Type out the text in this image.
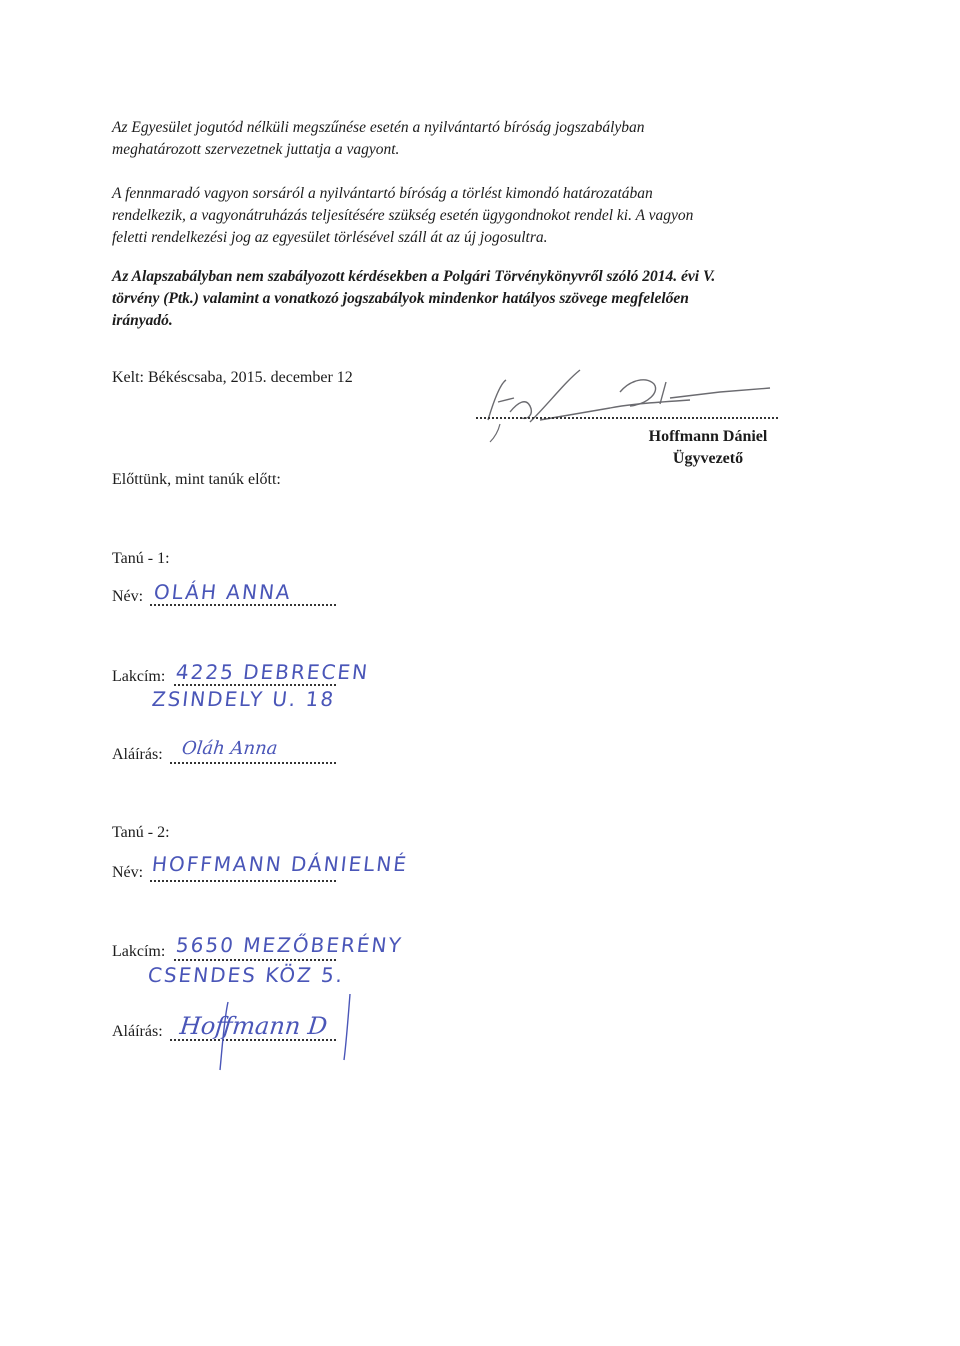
Az Egyesület jogutód nélküli megszűnése esetén a nyilvántartó bíróság jogszabályban
meghatározott szervezetnek juttatja a vagyont.
A fennmaradó vagyon sorsáról a nyilvántartó bíróság a törlést kimondó határozatában
rendelkezik, a vagyonátruházás teljesítésére szükség esetén ügygondnokot rendel ki. A vagyon
feletti rendelkezési jog az egyesület törlésével száll át az új jogosultra.
Az Alapszabályban nem szabályozott kérdésekben a Polgári Törvénykönyvről szóló 2014. évi V.
törvény (Ptk.) valamint a vonatkozó jogszabályok mindenkor hatályos szövege megfelelően
irányadó.
Kelt: Békéscsaba, 2015. december 12
Hoffmann Dániel
Ügyvezető
Előttünk, mint tanúk előtt:
Tanú - 1:
Név: OLÁH ANNA
Lakcím: 4225 DEBRECEN
ZSINDELY U. 18
Aláírás: Oláh Anna
Tanú - 2:
Név: HOFFMANN DÁNIELNÉ
Lakcím: 5650 MEZŐBERÉNY
CSENDES KÖZ 5.
Aláírás: Hoffmann D
